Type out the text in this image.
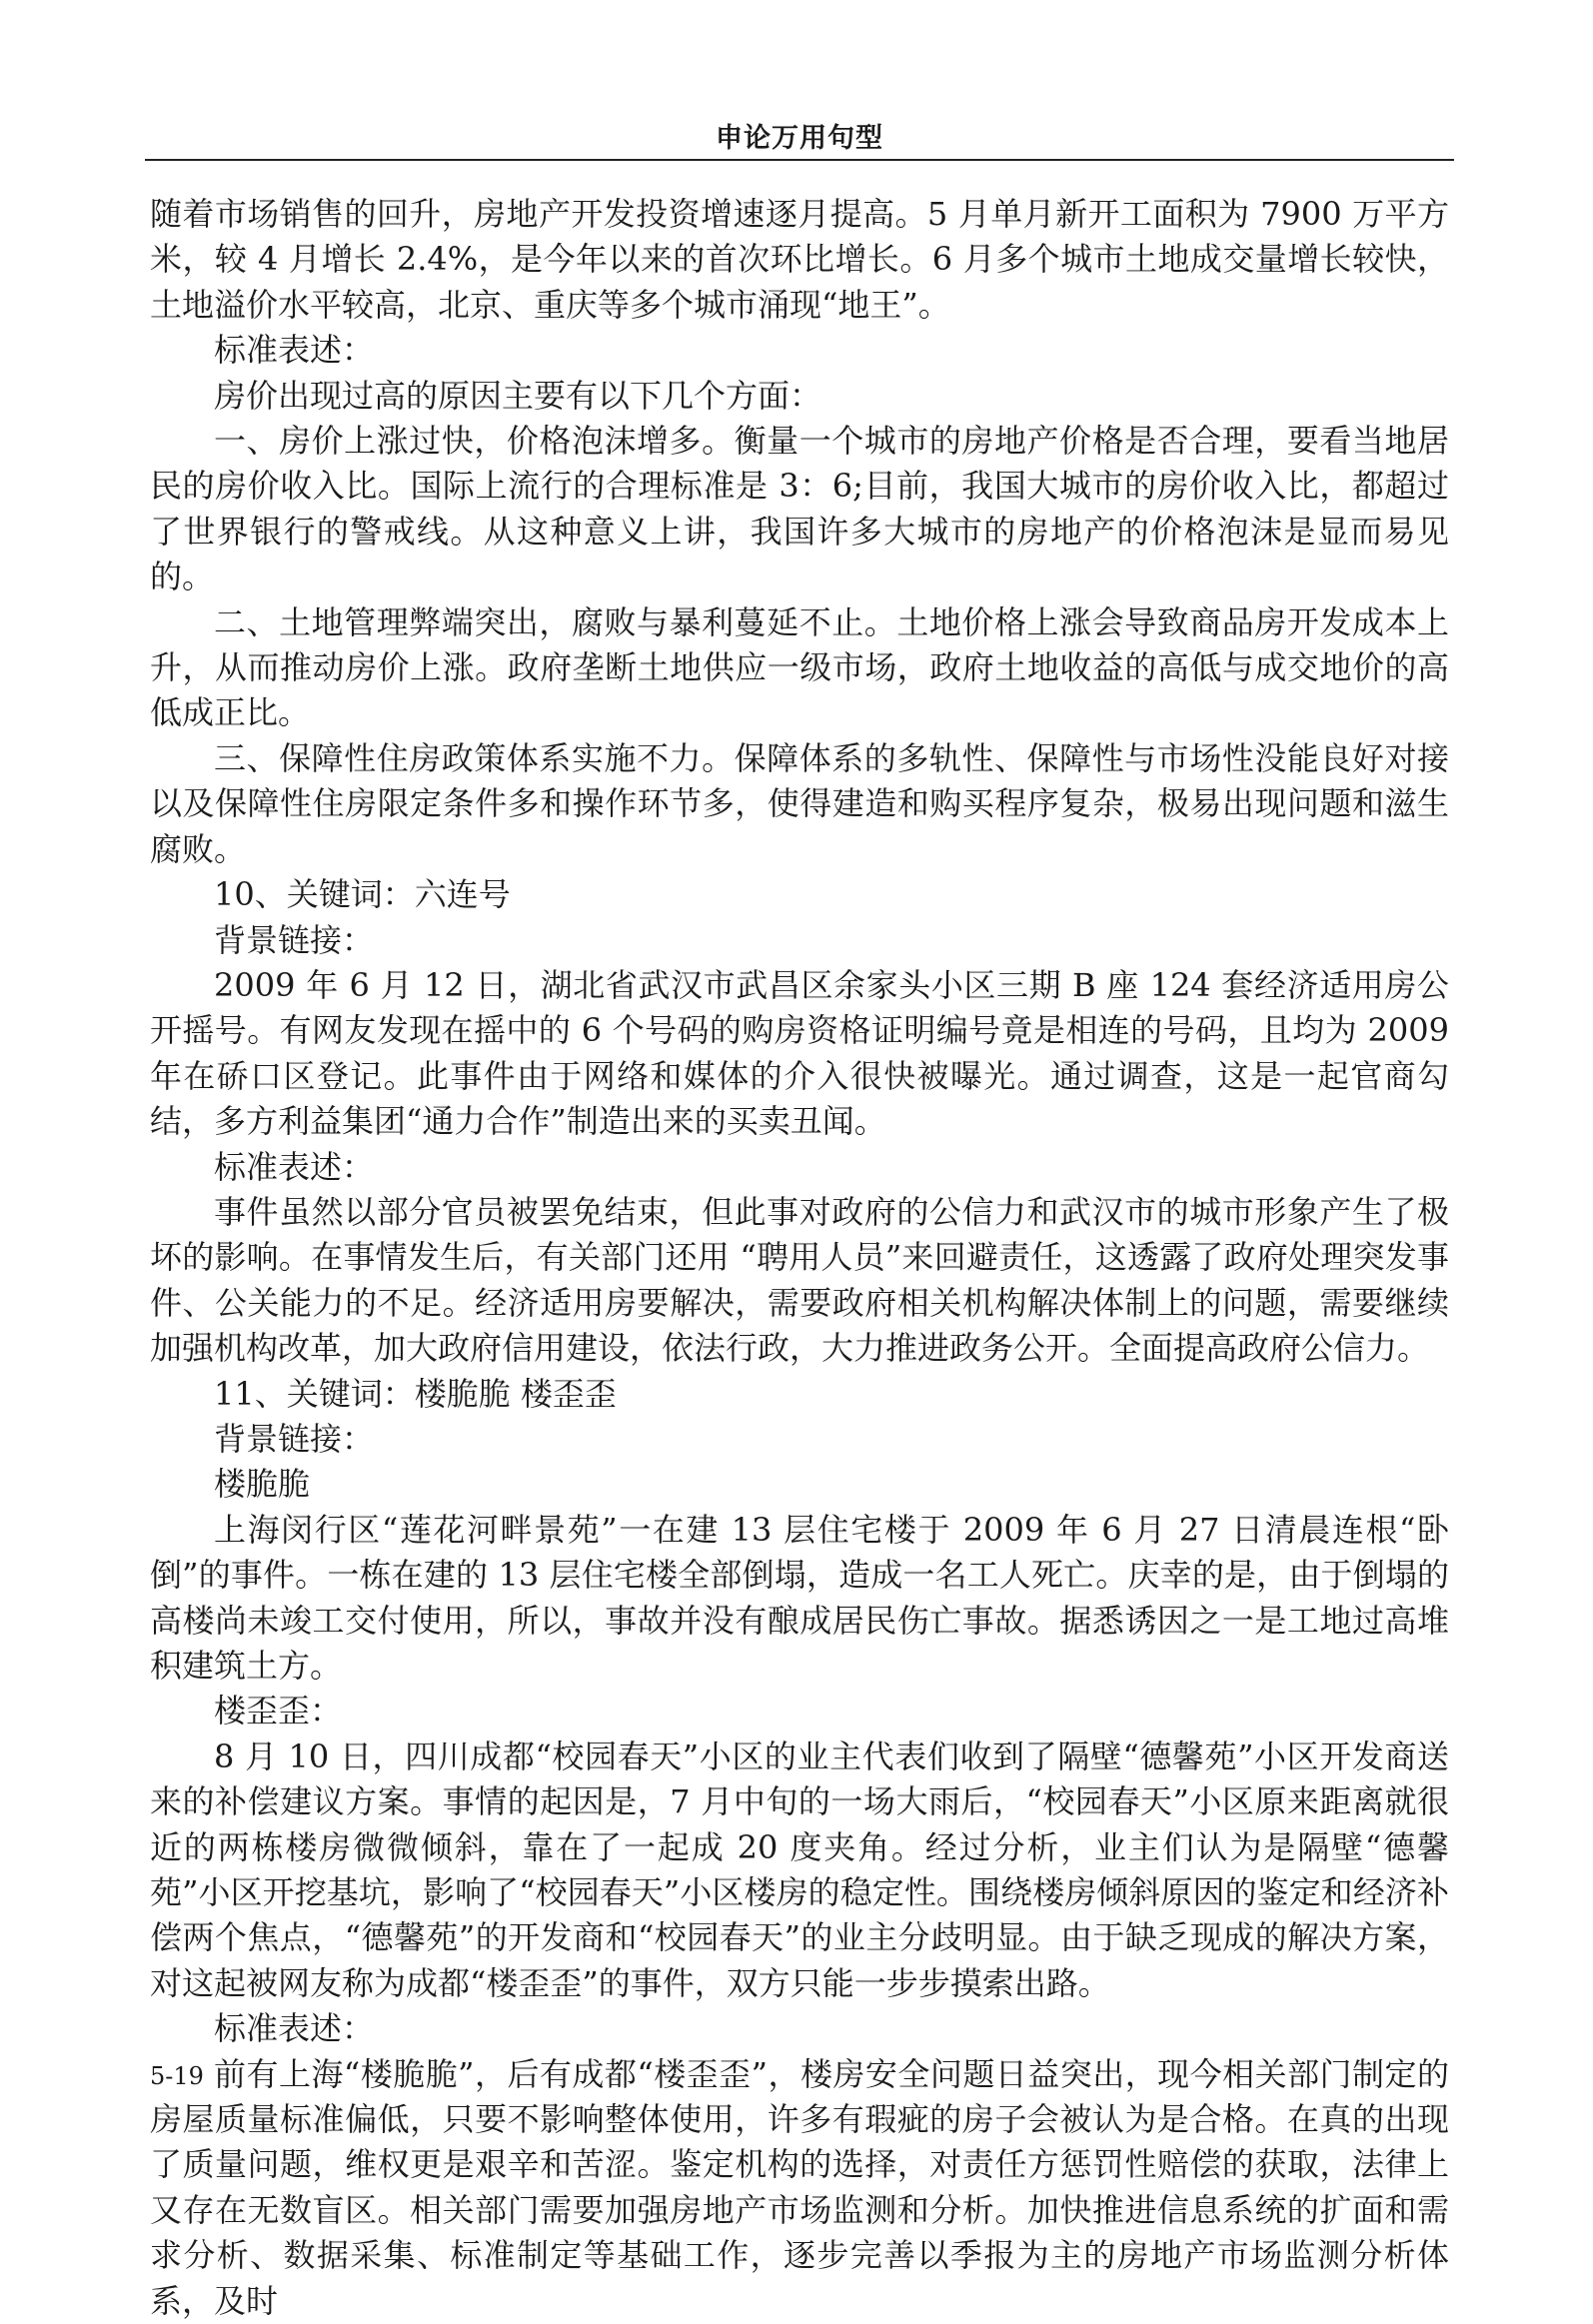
申论万用句型

随着市场销售的回升，房地产开发投资增速逐月提高。5 月单月新开工面积为 7900 万平方米，较 4 月增长 2.4%，是今年以来的首次环比增长。6 月多个城市土地成交量增长较快，土地溢价水平较高，北京、重庆等多个城市涌现“地王”。

标准表述：

房价出现过高的原因主要有以下几个方面：

一、房价上涨过快，价格泡沫增多。衡量一个城市的房地产价格是否合理，要看当地居民的房价收入比。国际上流行的合理标准是 3：6;目前，我国大城市的房价收入比，都超过了世界银行的警戒线。从这种意义上讲，我国许多大城市的房地产的价格泡沫是显而易见的。

二、土地管理弊端突出，腐败与暴利蔓延不止。土地价格上涨会导致商品房开发成本上升，从而推动房价上涨。政府垄断土地供应一级市场，政府土地收益的高低与成交地价的高低成正比。

三、保障性住房政策体系实施不力。保障体系的多轨性、保障性与市场性没能良好对接以及保障性住房限定条件多和操作环节多，使得建造和购买程序复杂，极易出现问题和滋生腐败。

10、关键词：六连号

背景链接：

2009 年 6 月 12 日，湖北省武汉市武昌区余家头小区三期 B 座 124 套经济适用房公开摇号。有网友发现在摇中的 6 个号码的购房资格证明编号竟是相连的号码，且均为 2009 年在硚口区登记。此事件由于网络和媒体的介入很快被曝光。通过调查，这是一起官商勾结，多方利益集团“通力合作”制造出来的买卖丑闻。

标准表述：

事件虽然以部分官员被罢免结束，但此事对政府的公信力和武汉市的城市形象产生了极坏的影响。在事情发生后，有关部门还用 “聘用人员”来回避责任，这透露了政府处理突发事件、公关能力的不足。经济适用房要解决，需要政府相关机构解决体制上的问题，需要继续加强机构改革，加大政府信用建设，依法行政，大力推进政务公开。全面提高政府公信力。

11、关键词：楼脆脆 楼歪歪

背景链接：

楼脆脆

上海闵行区“莲花河畔景苑”一在建 13 层住宅楼于 2009 年 6 月 27 日清晨连根“卧倒”的事件。一栋在建的 13 层住宅楼全部倒塌，造成一名工人死亡。庆幸的是，由于倒塌的高楼尚未竣工交付使用，所以，事故并没有酿成居民伤亡事故。据悉诱因之一是工地过高堆积建筑土方。

楼歪歪：

8 月 10 日，四川成都“校园春天”小区的业主代表们收到了隔壁“德馨苑”小区开发商送来的补偿建议方案。事情的起因是，7 月中旬的一场大雨后，“校园春天”小区原来距离就很近的两栋楼房微微倾斜，靠在了一起成 20 度夹角。经过分析，业主们认为是隔壁“德馨苑”小区开挖基坑，影响了“校园春天”小区楼房的稳定性。围绕楼房倾斜原因的鉴定和经济补偿两个焦点，“德馨苑”的开发商和“校园春天”的业主分歧明显。由于缺乏现成的解决方案，对这起被网友称为成都“楼歪歪”的事件，双方只能一步步摸索出路。

标准表述：

前有上海“楼脆脆”，后有成都“楼歪歪”，楼房安全问题日益突出，现今相关部门制定的房屋质量标准偏低，只要不影响整体使用，许多有瑕疵的房子会被认为是合格。在真的出现了质量问题，维权更是艰辛和苦涩。鉴定机构的选择，对责任方惩罚性赔偿的获取，法律上又存在无数盲区。相关部门需要加强房地产市场监测和分析。加快推进信息系统的扩面和需求分析、数据采集、标准制定等基础工作，逐步完善以季报为主的房地产市场监测分析体系，及时

5-19
